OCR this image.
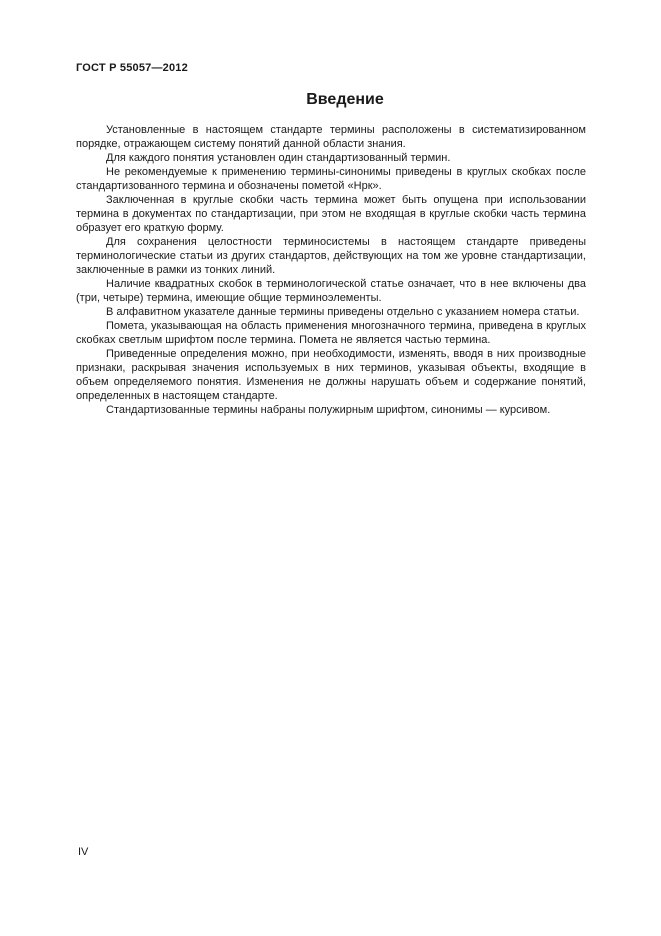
ГОСТ Р 55057—2012
Введение

Установленные в настоящем стандарте термины расположены в систематизированном порядке, отражающем систему понятий данной области знания.

Для каждого понятия установлен один стандартизованный термин.

Не рекомендуемые к применению термины-синонимы приведены в круглых скобках после стандартизованного термина и обозначены пометой «Нрк».

Заключенная в круглые скобки часть термина может быть опущена при использовании термина в документах по стандартизации, при этом не входящая в круглые скобки часть термина образует его краткую форму.

Для сохранения целостности терминосистемы в настоящем стандарте приведены терминологические статьи из других стандартов, действующих на том же уровне стандартизации, заключенные в рамки из тонких линий.

Наличие квадратных скобок в терминологической статье означает, что в нее включены два (три, четыре) термина, имеющие общие терминоэлементы.

В алфавитном указателе данные термины приведены отдельно с указанием номера статьи.

Помета, указывающая на область применения многозначного термина, приведена в круглых скобках светлым шрифтом после термина. Помета не является частью термина.

Приведенные определения можно, при необходимости, изменять, вводя в них производные признаки, раскрывая значения используемых в них терминов, указывая объекты, входящие в объем определяемого понятия. Изменения не должны нарушать объем и содержание понятий, определенных в настоящем стандарте.

Стандартизованные термины набраны полужирным шрифтом, синонимы — курсивом.

IV
